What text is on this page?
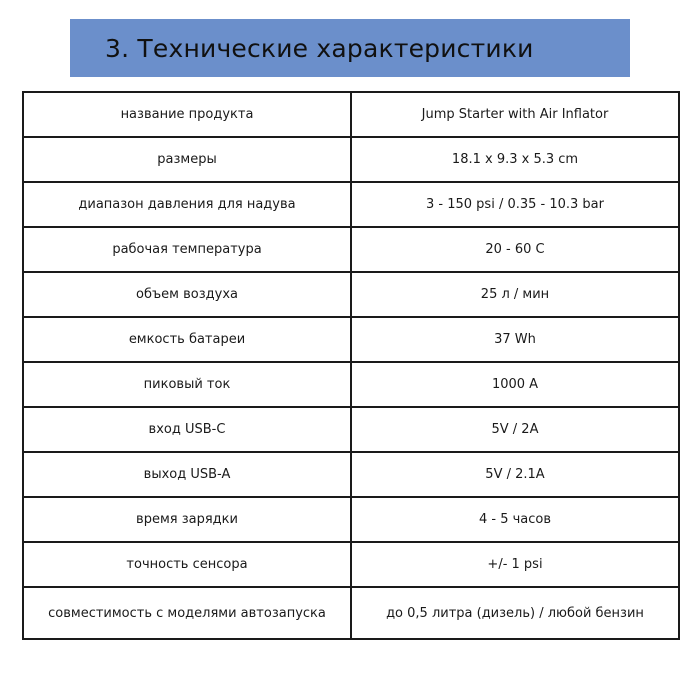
3. Технические характеристики
название продукта	Jump Starter with Air Inflator
размеры	18.1 x 9.3 x 5.3 cm
диапазон давления для надува	3 - 150 psi / 0.35 - 10.3 bar
рабочая температура	20 - 60 C
объем воздуха	25 л / мин
емкость батареи	37 Wh
пиковый ток	1000 A
вход USB-C	5V / 2A
выход USB-A	5V / 2.1A
время зарядки	4 - 5 часов
точность сенсора	+/- 1 psi
совместимость с моделями автозапуска	до 0,5 литра (дизель) / любой бензин
